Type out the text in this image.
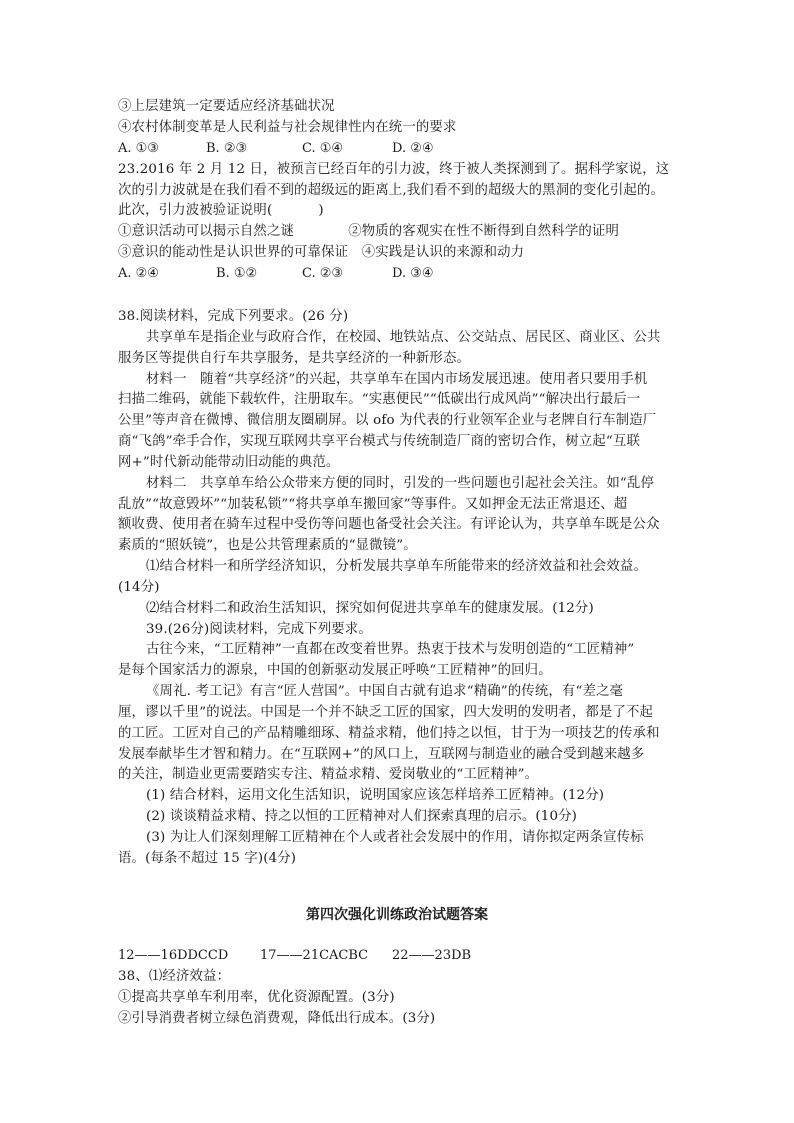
③上层建筑一定要适应经济基础状况
④农村体制变革是人民利益与社会规律性内在统一的要求
A. ①③	B. ②③	C. ①④	D. ②④
23.2016 年 2 月 12 日，被预言已经百年的引力波，终于被人类探测到了。据科学家说，这
次的引力波就是在我们看不到的超级远的距离上,我们看不到的超级大的黑洞的变化引起的。
此次，引力波被验证说明(	)
①意识活动可以揭示自然之谜　　　　②物质的客观实在性不断得到自然科学的证明
③意识的能动性是认识世界的可靠保证　④实践是认识的来源和动力
A. ②④	B. ①②	C. ②③	D. ③④
38.阅读材料，完成下列要求。(26 分)
共享单车是指企业与政府合作，在校园、地铁站点、公交站点、居民区、商业区、公共
服务区等提供自行车共享服务，是共享经济的一种新形态。
材料一　随着“共享经济”的兴起，共享单车在国内市场发展迅速。使用者只要用手机
扫描二维码，就能下载软件，注册取车。“实惠便民”“低碳出行成风尚”“解决出行最后一
公里”等声音在微博、微信朋友圈刷屏。以 ofo 为代表的行业领军企业与老牌自行车制造厂
商“飞鸽”牵手合作，实现互联网共享平台模式与传统制造厂商的密切合作，树立起“互联
网+”时代新动能带动旧动能的典范。
材料二　共享单车给公众带来方便的同时，引发的一些问题也引起社会关注。如“乱停
乱放”“故意毁坏”“加装私锁”“将共享单车搬回家”等事件。又如押金无法正常退还、超
额收费、使用者在骑车过程中受伤等问题也备受社会关注。有评论认为，共享单车既是公众
素质的“照妖镜”，也是公共管理素质的“显微镜”。
⑴结合材料一和所学经济知识，分析发展共享单车所能带来的经济效益和社会效益。
(14分)
⑵结合材料二和政治生活知识，探究如何促进共享单车的健康发展。(12分)
39.(26分)阅读材料，完成下列要求。
古往今来，“工匠精神”一直都在改变着世界。热衷于技术与发明创造的“工匠精神”
是每个国家活力的源泉，中国的创新驱动发展正呼唤“工匠精神”的回归。
《周礼. 考工记》有言“匠人营国”。中国自古就有追求“精确”的传统，有“差之毫
厘，谬以千里”的说法。中国是一个并不缺乏工匠的国家，四大发明的发明者，都是了不起
的工匠。工匠对自己的产品精雕细琢、精益求精，他们持之以恒，甘于为一项技艺的传承和
发展奉献毕生才智和精力。在“互联网+”的风口上，互联网与制造业的融合受到越来越多
的关注，制造业更需要踏实专注、精益求精、爱岗敬业的“工匠精神”。
(1) 结合材料，运用文化生活知识，说明国家应该怎样培养工匠精神。(12分)
(2) 谈谈精益求精、持之以恒的工匠精神对人们探索真理的启示。(10分)
(3) 为让人们深刻理解工匠精神在个人或者社会发展中的作用，请你拟定两条宣传标
语。(每条不超过 15 字)(4分)
第四次强化训练政治试题答案
12——16DDCCD 17——21CACBC 22——23DB
38、⑴经济效益：
①提高共享单车利用率，优化资源配置。(3分)
②引导消费者树立绿色消费观，降低出行成本。(3分)
